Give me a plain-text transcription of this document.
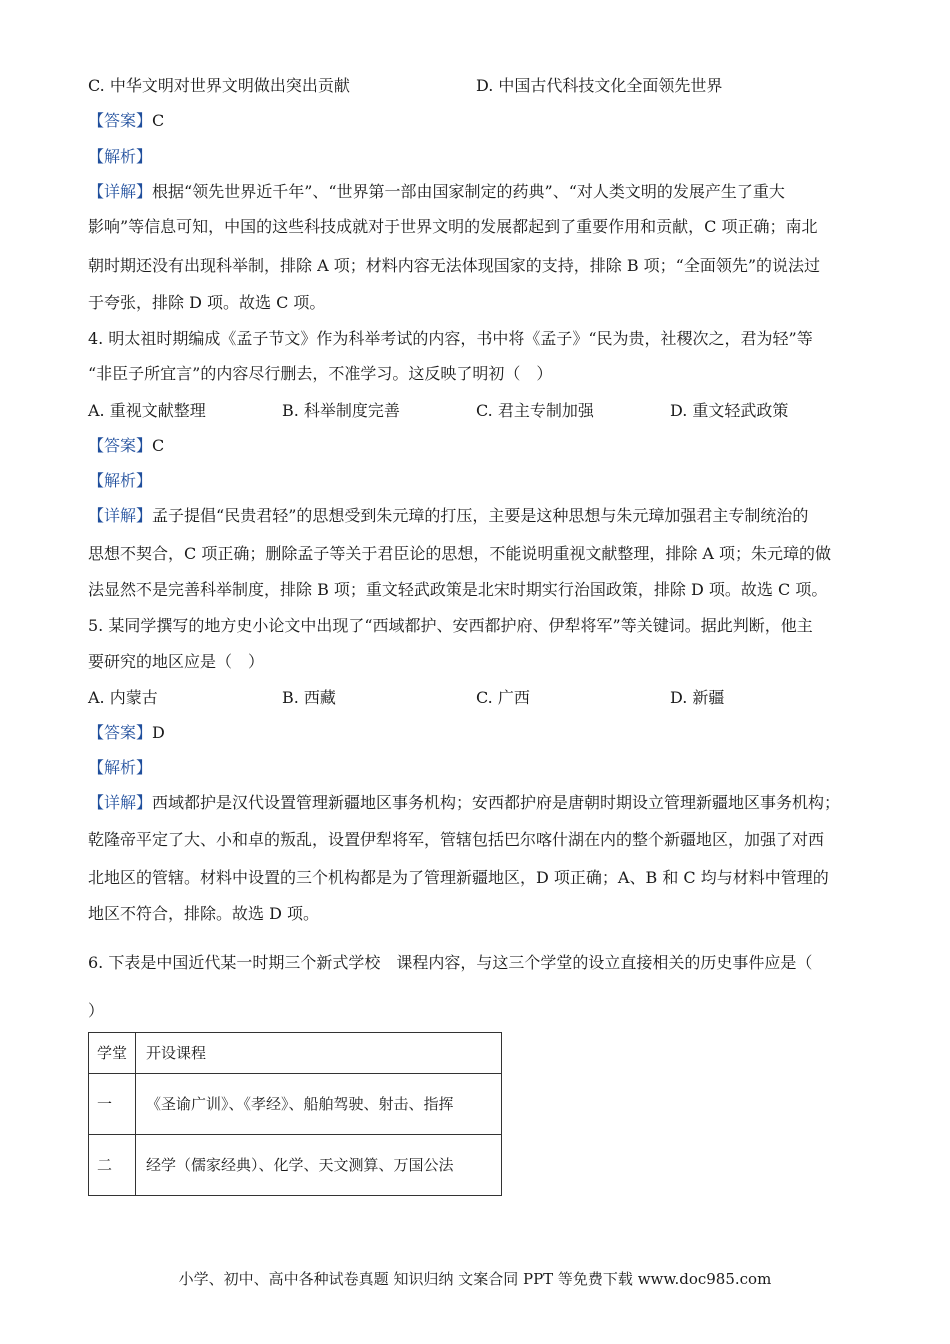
C. 中华文明对世界文明做出突出贡献	D. 中国古代科技文化全面领先世界
【答案】C
【解析】
【详解】根据“领先世界近千年”、“世界第一部由国家制定的药典”、“对人类文明的发展产生了重大
影响”等信息可知，中国的这些科技成就对于世界文明的发展都起到了重要作用和贡献，C 项正确；南北
朝时期还没有出现科举制，排除 A 项；材料内容无法体现国家的支持，排除 B 项；“全面领先”的说法过
于夸张，排除 D 项。故选 C 项。
4. 明太祖时期编成《孟子节文》作为科举考试的内容，书中将《孟子》“民为贵，社稷次之，君为轻”等
“非臣子所宜言”的内容尽行删去，不准学习。这反映了明初（　）
A. 重视文献整理	B. 科举制度完善	C. 君主专制加强	D. 重文轻武政策
【答案】C
【解析】
【详解】孟子提倡“民贵君轻”的思想受到朱元璋的打压，主要是这种思想与朱元璋加强君主专制统治的
思想不契合，C 项正确；删除孟子等关于君臣论的思想，不能说明重视文献整理，排除 A 项；朱元璋的做
法显然不是完善科举制度，排除 B 项；重文轻武政策是北宋时期实行治国政策，排除 D 项。故选 C 项。
5. 某同学撰写的地方史小论文中出现了“西域都护、安西都护府、伊犁将军”等关键词。据此判断，他主
要研究的地区应是（　）
A. 内蒙古	B. 西藏	C. 广西	D. 新疆
【答案】D
【解析】
【详解】西域都护是汉代设置管理新疆地区事务机构；安西都护府是唐朝时期设立管理新疆地区事务机构；
乾隆帝平定了大、小和卓的叛乱，设置伊犁将军，管辖包括巴尔喀什湖在内的整个新疆地区，加强了对西
北地区的管辖。材料中设置的三个机构都是为了管理新疆地区，D 项正确；A、B 和 C 均与材料中管理的
地区不符合，排除。故选 D 项。
6. 下表是中国近代某一时期三个新式学校　课程内容，与这三个学堂的设立直接相关的历史事件应是（
）
学堂	开设课程
一	《圣谕广训》、《孝经》、船舶驾驶、射击、指挥
二	经学（儒家经典）、化学、天文测算、万国公法
小学、初中、高中各种试卷真题 知识归纳 文案合同 PPT 等免费下载 www.doc985.com
